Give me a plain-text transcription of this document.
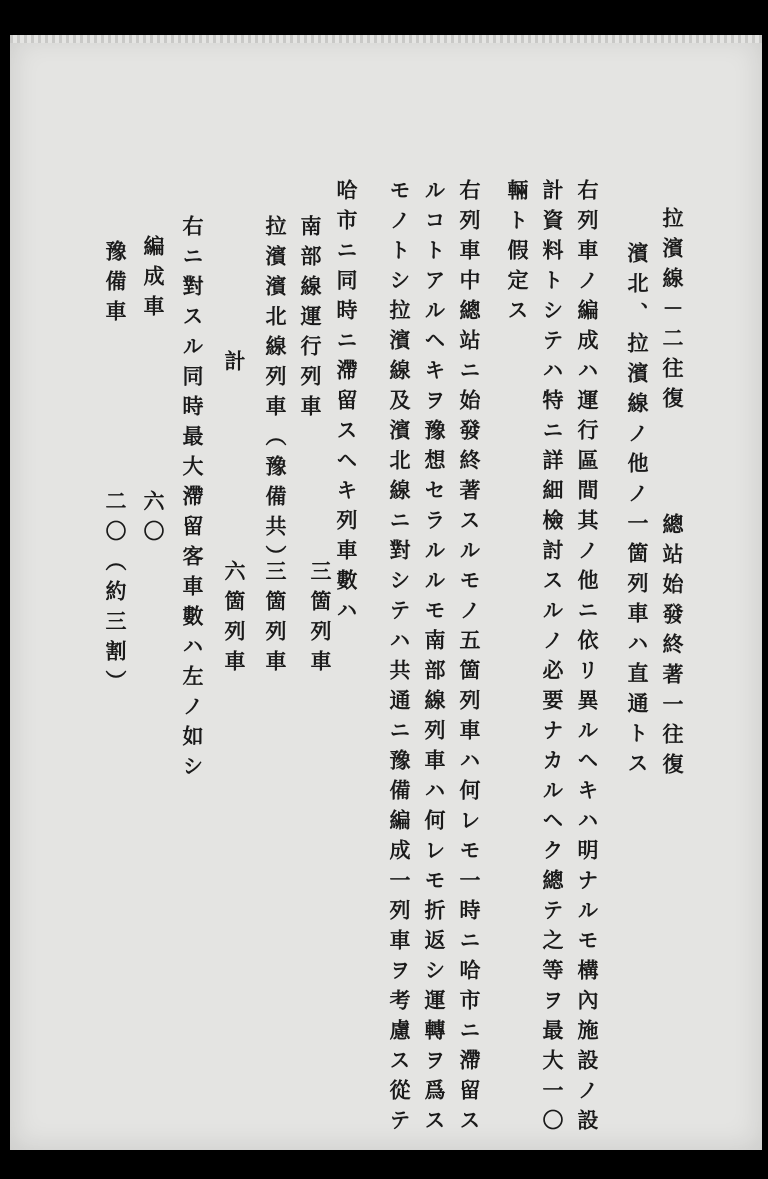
拉濱線－二往復
總站始發終著一往復
濱北、拉濱線ノ他ノ一箇列車ハ直通トス
右列車ノ編成ハ運行區間其ノ他ニ依リ異ルヘキハ明ナルモ構內施設ノ設
計資料トシテハ特ニ詳細檢討スルノ必要ナカルヘク總テ之等ヲ最大一〇
輛ト假定ス
右列車中總站ニ始發終著スルモノ五箇列車ハ何レモ一時ニ哈市ニ滯留ス
ルコトアルヘキヲ豫想セラルルモ南部線列車ハ何レモ折返シ運轉ヲ爲ス
モノトシ拉濱線及濱北線ニ對シテハ共通ニ豫備編成一列車ヲ考慮ス從テ
哈市ニ同時ニ滯留スヘキ列車數ハ
南部線運行列車
三箇列車
拉濱濱北線列車（豫備共）
三箇列車
計
六箇列車
右ニ對スル同時最大滯留客車數ハ左ノ如シ
編成車
六〇
豫備車
二〇（約三割）
